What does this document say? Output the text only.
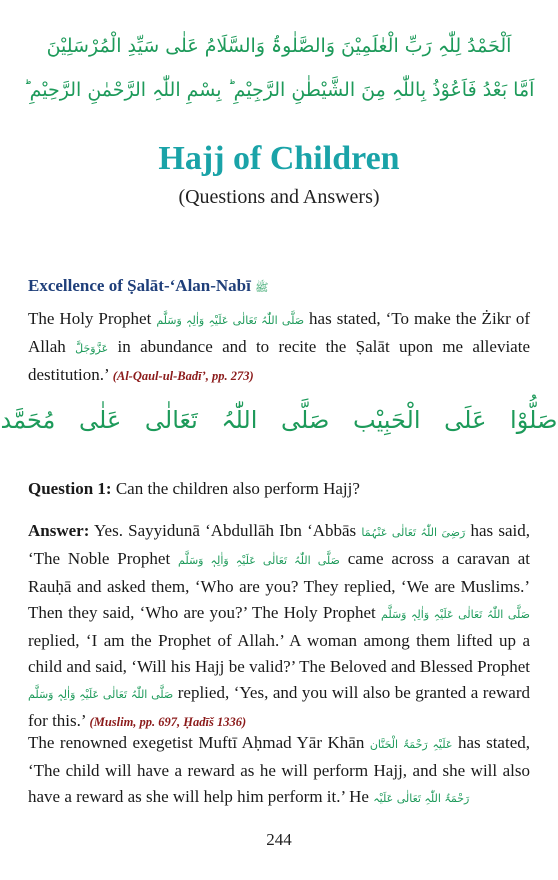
اَلْحَمْدُ لِلّٰہِ رَبِّ الْعٰلَمِیْنَ وَالصَّلٰوۃُ وَالسَّلَامُ عَلٰی سَیِّدِ الْمُرْسَلِیْنَ
اَمَّا بَعْدُ فَاَعُوْذُ بِاللّٰہِ مِنَ الشَّیْطٰنِ الرَّجِیْمِ ؕ بِسْمِ اللّٰہِ الرَّحْمٰنِ الرَّحِیْمِ ؕ
Hajj of Children
(Questions and Answers)
Excellence of Ṣalāt-‘Alan-Nabī ﷺ
The Holy Prophet صَلَّی اللّٰہُ تَعَالٰی عَلَیْہِ وَاٰلِہٖ وَسَلَّم has stated, ‘To make the Żikr of Allah عَزَّوَجَلَّ in abundance and to recite the Ṣalāt upon me alleviate destitution.’ (Al-Qaul-ul-Badī’, pp. 273)
صَلُّوْا عَلَی الْحَبِیْب صَلَّی اللّٰہُ تَعَالٰی عَلٰی مُحَمَّد
Question 1: Can the children also perform Hajj?
Answer: Yes. Sayyidunā ‘Abdullāh Ibn ‘Abbās رَضِیَ اللّٰہُ تَعَالٰی عَنْہُمَا has said, ‘The Noble Prophet صَلَّی اللّٰہُ تَعَالٰی عَلَیْہِ وَاٰلِہٖ وَسَلَّم came across a caravan at Rauḥā and asked them, ‘Who are you? They replied, ‘We are Muslims.’ Then they said, ‘Who are you?’ The Holy Prophet صَلَّی اللّٰہُ تَعَالٰی عَلَیْہِ وَاٰلِہٖ وَسَلَّم replied, ‘I am the Prophet of Allah.’ A woman among them lifted up a child and said, ‘Will his Hajj be valid?’ The Beloved and Blessed Prophet صَلَّی اللّٰہُ تَعَالٰی عَلَیْہِ وَاٰلِہٖ وَسَلَّم replied, ‘Yes, and you will also be granted a reward for this.’ (Muslim, pp. 697, Ḥadīš 1336)
The renowned exegetist Muftī Aḥmad Yār Khān عَلَیْہِ رَحْمَۃُ الْحَنَّان has stated, ‘The child will have a reward as he will perform Hajj, and she will also have a reward as she will help him perform it.’ He رَحْمَۃُ اللّٰہِ تَعَالٰی عَلَیْہ
244
